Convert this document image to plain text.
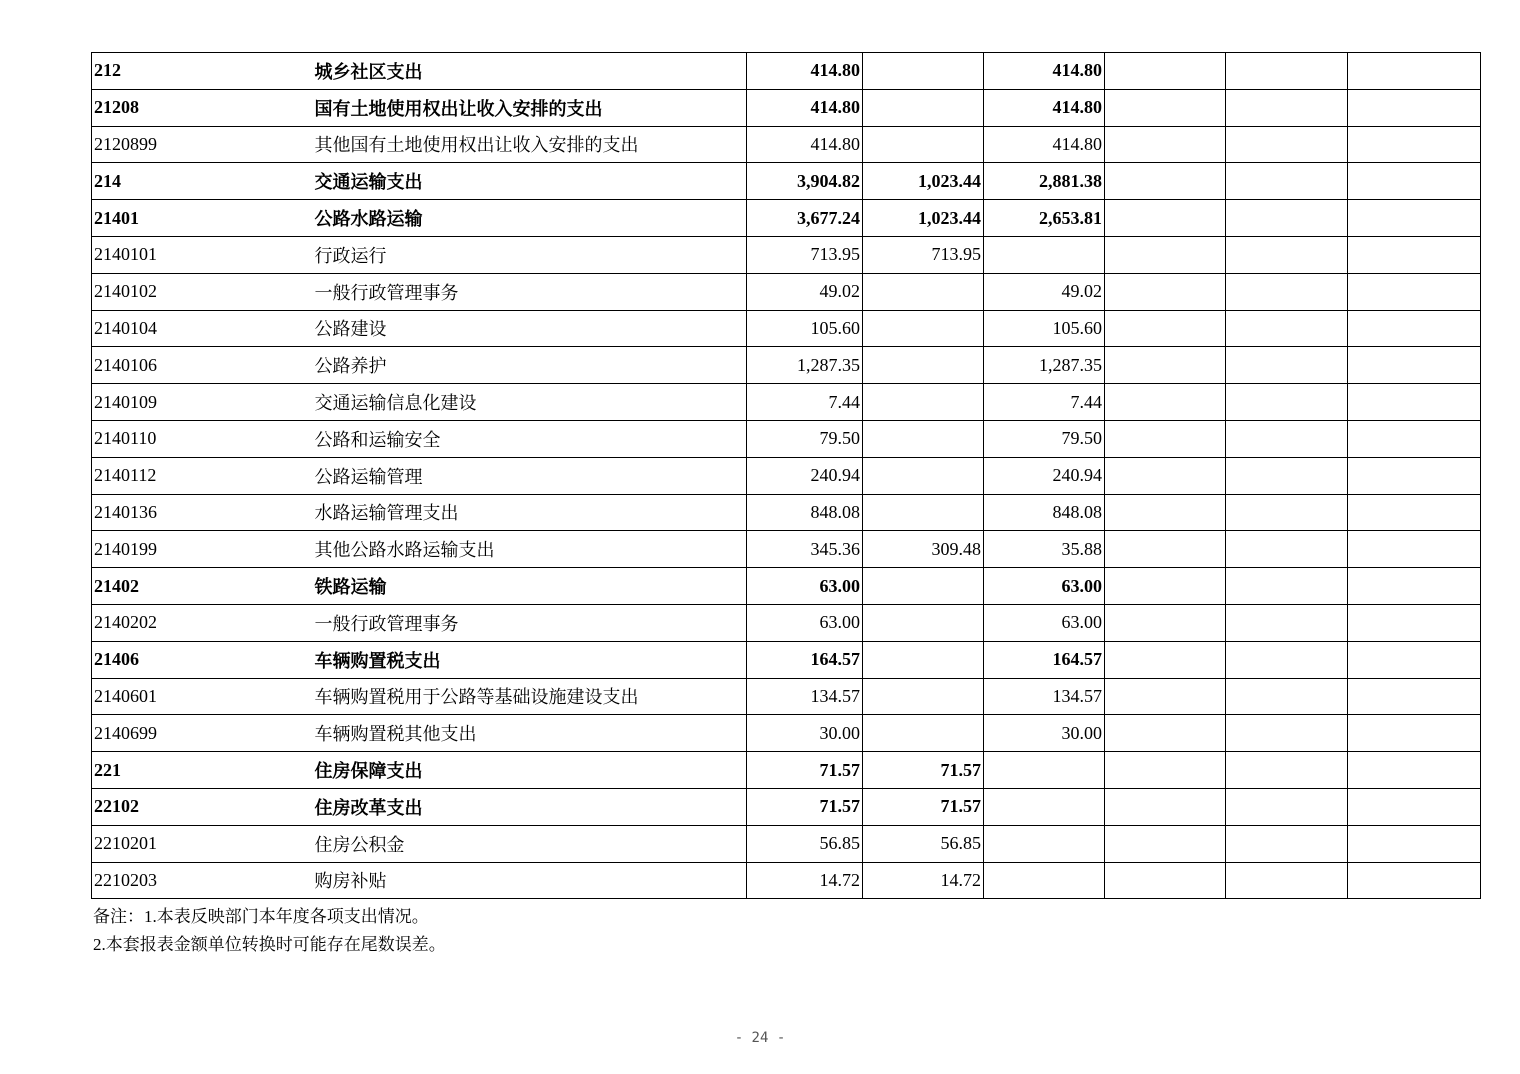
212	城乡社区支出	414.80		414.80			
21208	国有土地使用权出让收入安排的支出	414.80		414.80			
2120899	其他国有土地使用权出让收入安排的支出	414.80		414.80			
214	交通运输支出	3,904.82	1,023.44	2,881.38			
21401	公路水路运输	3,677.24	1,023.44	2,653.81			
2140101	行政运行	713.95	713.95				
2140102	一般行政管理事务	49.02		49.02			
2140104	公路建设	105.60		105.60			
2140106	公路养护	1,287.35		1,287.35			
2140109	交通运输信息化建设	7.44		7.44			
2140110	公路和运输安全	79.50		79.50			
2140112	公路运输管理	240.94		240.94			
2140136	水路运输管理支出	848.08		848.08			
2140199	其他公路水路运输支出	345.36	309.48	35.88			
21402	铁路运输	63.00		63.00			
2140202	一般行政管理事务	63.00		63.00			
21406	车辆购置税支出	164.57		164.57			
2140601	车辆购置税用于公路等基础设施建设支出	134.57		134.57			
2140699	车辆购置税其他支出	30.00		30.00			
221	住房保障支出	71.57	71.57				
22102	住房改革支出	71.57	71.57				
2210201	住房公积金	56.85	56.85				
2210203	购房补贴	14.72	14.72				
备注：1.本表反映部门本年度各项支出情况。
2.本套报表金额单位转换时可能存在尾数误差。
- 24 -
